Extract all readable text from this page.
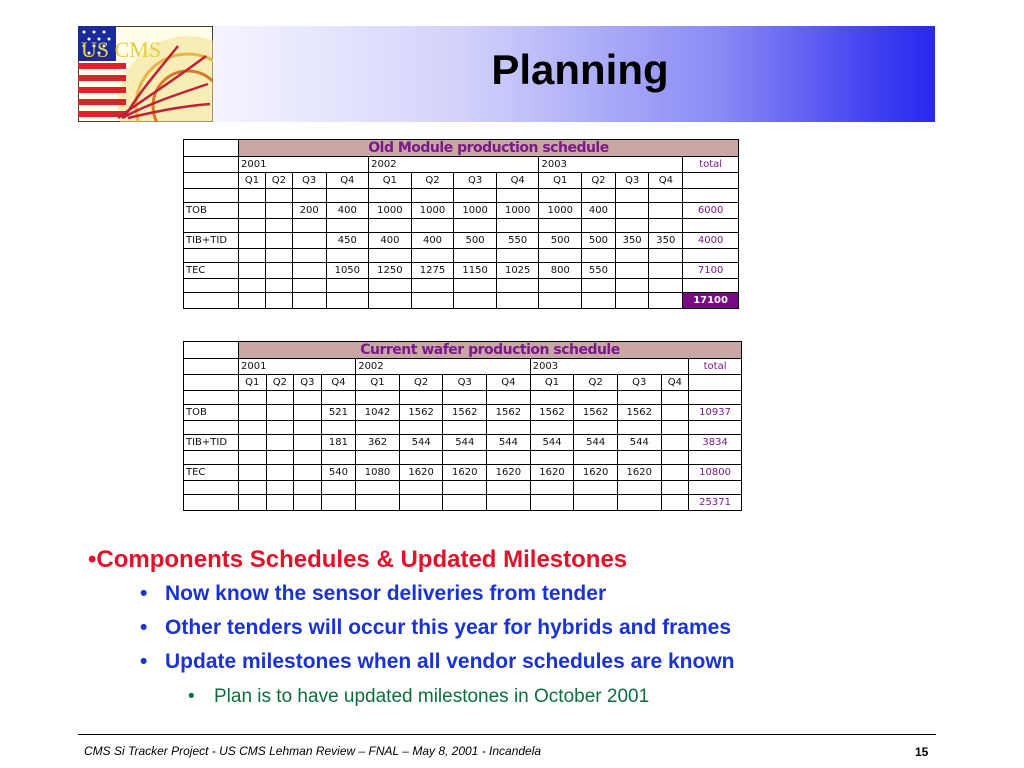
US CMS	Planning
	Old Module production schedule												
	2001				2002				2003				total
	Q1	Q2	Q3	Q4	Q1	Q2	Q3	Q4	Q1	Q2	Q3	Q4	

TOB			200	400	1000	1000	1000	1000	1000	400			6000

TIB+TID				450	400	400	500	550	500	500	350	350	4000

TEC				1050	1250	1275	1150	1025	800	550			7100

													17100
	Current wafer production schedule												
	2001				2002				2003				total
	Q1	Q2	Q3	Q4	Q1	Q2	Q3	Q4	Q1	Q2	Q3	Q4	

TOB				521	1042	1562	1562	1562	1562	1562	1562		10937

TIB+TID				181	362	544	544	544	544	544	544		3834

TEC				540	1080	1620	1620	1620	1620	1620	1620		10800

													25371
•Components Schedules & Updated Milestones
• Now know the sensor deliveries from tender
• Other tenders will occur this year for hybrids and frames
• Update milestones when all vendor schedules are known
• Plan is to have updated milestones in October 2001
CMS Si Tracker Project - US CMS Lehman Review – FNAL – May 8, 2001 - Incandela	15
